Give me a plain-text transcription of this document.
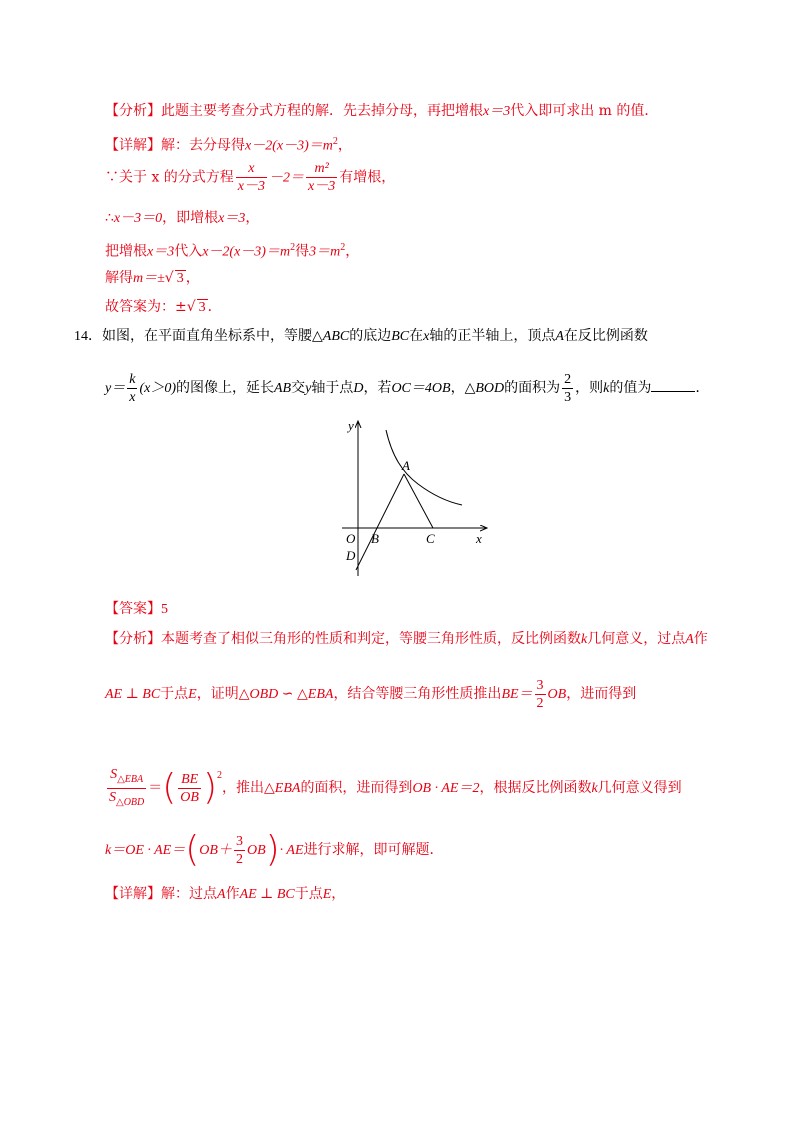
【分析】此题主要考查分式方程的解．先去掉分母，再把增根x＝3代入即可求出 m 的值．
【详解】解：去分母得$x-2(x-3)=m^2$，
∵关于 x 的分式方程 $\frac{x}{x-3} -2= \frac{\text{m²}}{x-3}$ 有增根，
∴x－3＝0，即增根x＝3，
把增根x＝3代入$x-2(x-3)=m^2$得$3=m^2$，
解得m＝±√ 3 ，
故答案为：±√ 3 ．
14．如图，在平面直角坐标系中，等腰△ABC的底边BC在x轴的正半轴上，顶点A在反比例函数
$y= \frac{k}{x} (x>0)$的图像上，延长AB交y轴于点D，若OC＝4OB，△BOD的面积为 $\frac{2}{3}$ ，则k的值为	.
y
x
O
A
B	C
D
【答案】5
【分析】本题考查了相似三角形的性质和判定，等腰三角形性质，反比例函数k几何意义，过点A作
AE ⊥ BC于点E，证明△OBD ∽ △EBA，结合等腰三角形性质推出$BE= \frac{3}{2}$ OB，进而得到
$\frac{S_{\triangle EBA}}{S_{\triangle OBD}}$ ＝( $\frac{BE}{OB} )^2$，推出△EBA的面积，进而得到OB · AE＝2，根据反比例函数k几何意义得到
$k=OE \cdot AE=(OB+ \frac{3}{2} OB)\cdot$ AE进行求解，即可解题．
【详解】解：过点A作AE ⊥ BC于点E，
